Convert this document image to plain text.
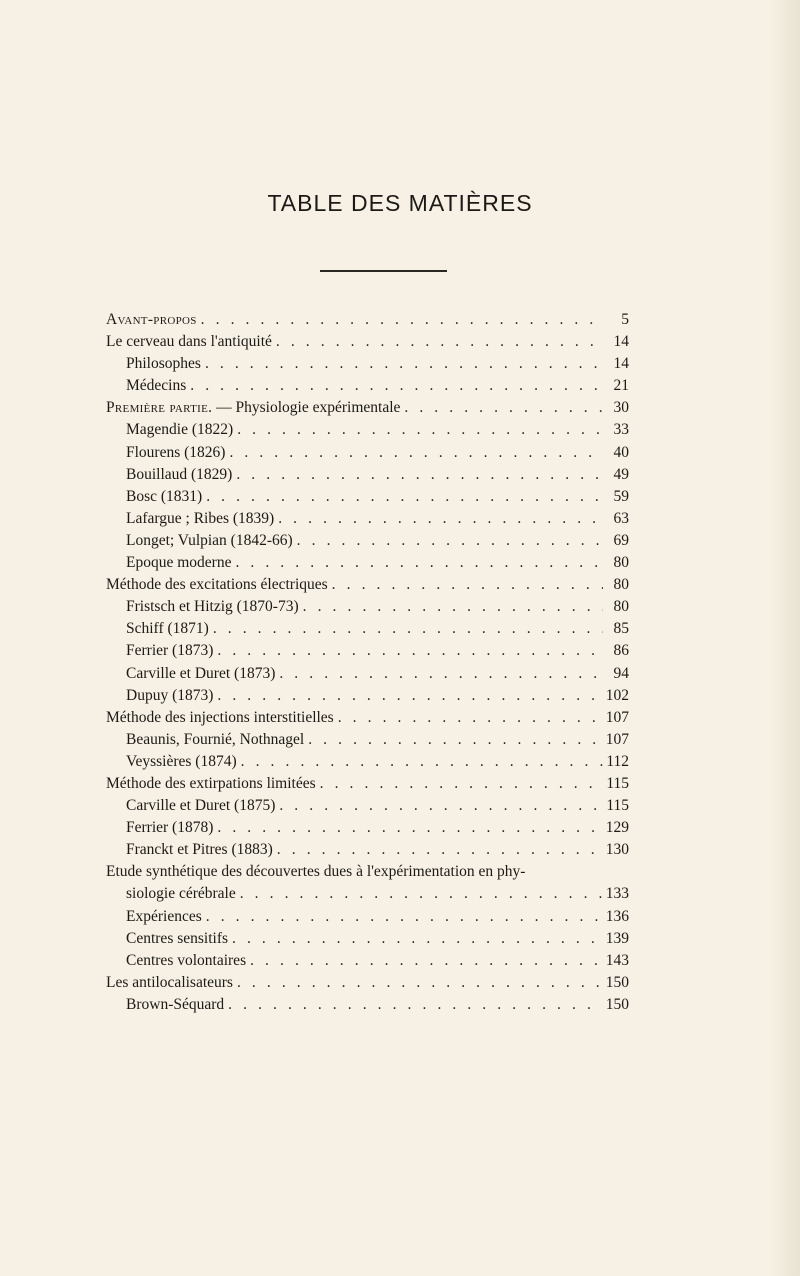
TABLE DES MATIÈRES
Avant-propos . . .	5
Le cerveau dans l'antiquité . . .	14
Philosophes . . .	14
Médecins . . .	21
Première partie. — Physiologie expérimentale . . .	30
Magendie (1822) . . .	33
Flourens (1826) . . .	40
Bouillaud (1829) . . .	49
Bosc (1831) . . .	59
Lafargue ; Ribes (1839) . . .	63
Longet; Vulpian (1842-66) . . .	69
Epoque moderne . . .	80
Méthode des excitations électriques . . .	80
Fristsch et Hitzig (1870-73) . . .	80
Schiff (1871) . . .	85
Ferrier (1873) . . .	86
Carville et Duret (1873) . . .	94
Dupuy (1873) . . .	102
Méthode des injections interstitielles . . .	107
Beaunis, Fournié, Nothnagel . . .	107
Veyssières (1874) . . .	112
Méthode des extirpations limitées . . .	115
Carville et Duret (1875) . . .	115
Ferrier (1878) . . .	129
Franckt et Pitres (1883) . . .	130
Etude synthétique des découvertes dues à l'expérimentation en phy-
siologie cérébrale . . .	133
Expériences . . .	136
Centres sensitifs . . .	139
Centres volontaires . . .	143
Les antilocalisateurs . . .	150
Brown-Séquard . . .	150
